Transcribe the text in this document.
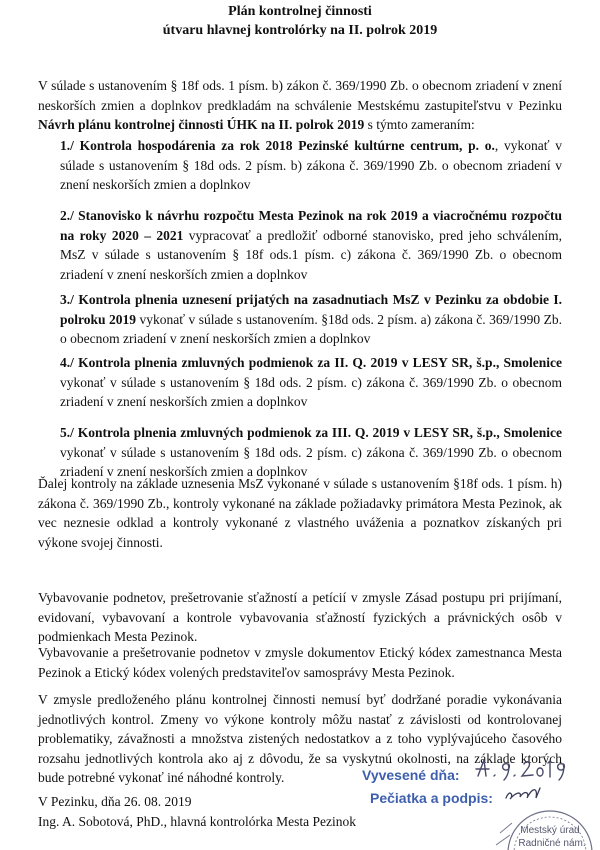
Plán kontrolnej činnosti
útvaru hlavnej kontrolórky na II. polrok 2019
V súlade s ustanovením § 18f ods. 1 písm. b) zákon č. 369/1990 Zb. o obecnom zriadení v znení neskorších zmien a doplnkov predkladám na schválenie Mestskému zastupiteľstvu v Pezinku Návrh plánu kontrolnej činnosti ÚHK na II. polrok 2019 s týmto zameraním:
1./ Kontrola hospodárenia za rok 2018 Pezinské kultúrne centrum, p. o., vykonať v súlade s ustanovením § 18d ods. 2 písm. b) zákona č. 369/1990 Zb. o obecnom zriadení v znení neskorších zmien a doplnkov
2./ Stanovisko k návrhu rozpočtu Mesta Pezinok na rok 2019 a viacročnému rozpočtu na roky 2020 – 2021 vypracovať a predložiť odborné stanovisko, pred jeho schválením, MsZ v súlade s ustanovením § 18f ods.1 písm. c) zákona č. 369/1990 Zb. o obecnom zriadení v znení neskorších zmien a doplnkov
3./ Kontrola plnenia uznesení prijatých na zasadnutiach MsZ v Pezinku za obdobie I. polroku 2019 vykonať v súlade s ustanovením. §18d ods. 2 písm. a) zákona č. 369/1990 Zb. o obecnom zriadení v znení neskorších zmien a doplnkov
4./ Kontrola plnenia zmluvných podmienok za II. Q. 2019 v LESY SR, š.p., Smolenice vykonať v súlade s ustanovením § 18d ods. 2 písm. c) zákona č. 369/1990 Zb. o obecnom zriadení v znení neskorších zmien a doplnkov
5./ Kontrola plnenia zmluvných podmienok za III. Q. 2019 v LESY SR, š.p., Smolenice vykonať v súlade s ustanovením § 18d ods. 2 písm. c) zákona č. 369/1990 Zb. o obecnom zriadení v znení neskorších zmien a doplnkov
Ďalej kontroly na základe uznesenia MsZ vykonané v súlade s ustanovením §18f ods. 1 písm. h) zákona č. 369/1990 Zb., kontroly vykonané na základe požiadavky primátora Mesta Pezinok, ak vec neznesie odklad a kontroly vykonané z vlastného uváženia a poznatkov získaných pri výkone svojej činnosti.
Vybavovanie podnetov, prešetrovanie sťažností a petícií v zmysle Zásad postupu pri prijímaní, evidovaní, vybavovaní a kontrole vybavovania sťažností fyzických a právnických osôb v podmienkach Mesta Pezinok.
Vybavovanie a prešetrovanie podnetov v zmysle dokumentov Etický kódex zamestnanca Mesta Pezinok a Etický kódex volených predstaviteľov samosprávy Mesta Pezinok.
V zmysle predloženého plánu kontrolnej činnosti nemusí byť dodržané poradie vykonávania jednotlivých kontrol. Zmeny vo výkone kontroly môžu nastať z závislosti od kontrolovanej problematiky, závažnosti a množstva zistených nedostatkov a z toho vyplývajúceho časového rozsahu jednotlivých kontrola ako aj z dôvodu, že sa vyskytnú okolnosti, na základe ktorých bude potrebné vykonať iné náhodné kontroly.
V Pezinku, dňa 26. 08. 2019
Ing. A. Sobotová, PhD., hlavná kontrolórka Mesta Pezinok
Vyvesené dňa:
Pečiatka a podpis:
Mestský úrad
Radničné nám.
